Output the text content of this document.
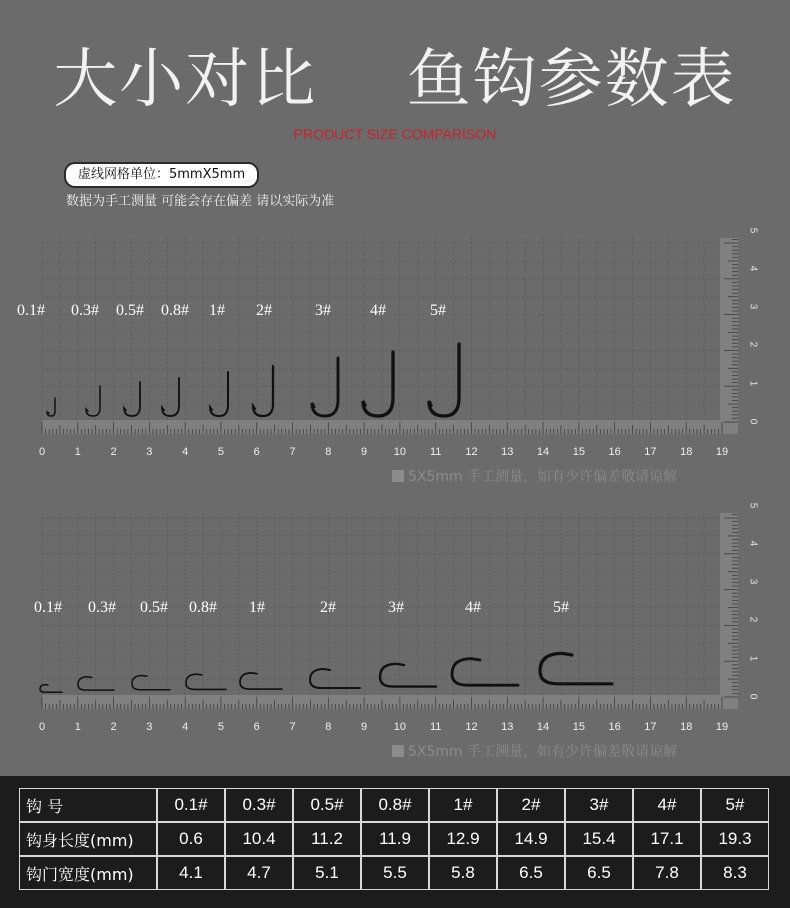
大小对比    鱼钩参数表
PRODUCT SIZE COMPARISON
虚线网格单位：5mmX5mm
数据为手工测量 可能会存在偏差 请以实际为准
5X5mm 手工测量，如有少许偏差敬请谅解
0	1	2	3	4	5	6	7	8	9 10 11 12 13 14 15 16 17 18 19
5
4
3
2
1
0
0.1# 0.3# 0.5# 0.8# 1# 2#	3# 4#	5#
5X5mm 手工测量，如有少许偏差敬请谅解
0	1	2	3	4	5	6	7	8	9 10 11 12 13 14 15 16 17 18 19
5
4
3
2
1
0
0.1# 0.3# 0.5# 0.8# 1#	2#	3#	4#	5#
钩 号	0.1#	0.3#	0.5#	0.8#	1#	2#	3#	4#	5#
钩身长度(mm)	0.6	10.4	11.2	11.9	12.9	14.9	15.4	17.1	19.3
钩门宽度(mm)	4.1	4.7	5.1	5.5	5.8	6.5	6.5	7.8	8.3
